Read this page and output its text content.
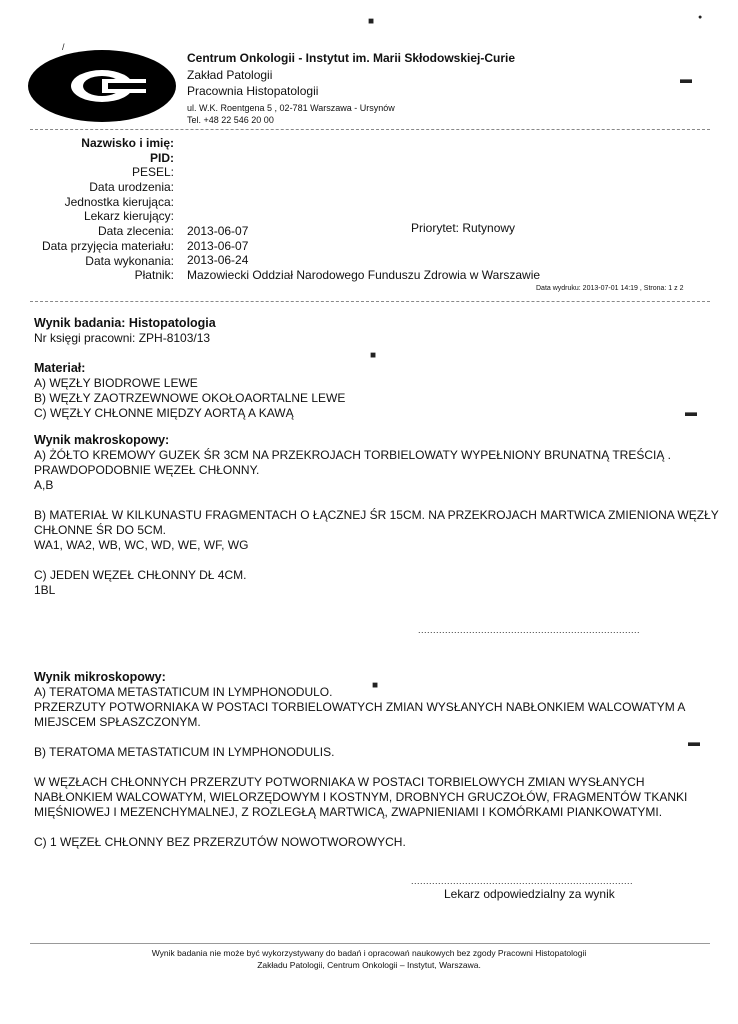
Centrum Onkologii - Instytut im. Marii Skłodowskiej-Curie
Zakład Patologii
Pracownia Histopatologii
ul. W.K. Roentgena 5 , 02-781 Warszawa - Ursynów
Tel. +48 22 546 20 00
Nazwisko i imię:
PID:
PESEL:
Data urodzenia:
Jednostka kierująca:
Lekarz kierujący:
Data zlecenia:
Data przyjęcia materiału:
Data wykonania:
Płatnik:
2013-06-07
2013-06-07
2013-06-24
Mazowiecki Oddział Narodowego Funduszu Zdrowia w Warszawie
Priorytet: Rutynowy
Data wydruku: 2013-07-01 14:19 , Strona: 1 z 2
Wynik badania: Histopatologia
Nr księgi pracowni: ZPH-8103/13
Materiał:
A) WĘZŁY BIODROWE LEWE
B) WĘZŁY ZAOTRZEWNOWE OKOŁOAORTALNE LEWE
C) WĘZŁY CHŁONNE MIĘDZY AORTĄ A KAWĄ
Wynik makroskopowy:
A) ŻÓŁTO KREMOWY GUZEK ŚR 3CM NA PRZEKROJACH TORBIELOWATY WYPEŁNIONY BRUNATNĄ TREŚCIĄ .
PRAWDOPODOBNIE WĘZEŁ CHŁONNY.
A,B
B) MATERIAŁ W KILKUNASTU FRAGMENTACH O ŁĄCZNEJ ŚR 15CM. NA PRZEKROJACH MARTWICA ZMIENIONA WĘZŁY
CHŁONNE ŚR DO 5CM.
WA1, WA2, WB, WC, WD, WE, WF, WG
C) JEDEN WĘZEŁ CHŁONNY DŁ 4CM.
1BL
..........................................................................
Wynik mikroskopowy:
A) TERATOMA METASTATICUM IN LYMPHONODULO.
PRZERZUTY POTWORNIAKA W POSTACI TORBIELOWATYCH ZMIAN WYSŁANYCH NABŁONKIEM WALCOWATYM A
MIEJSCEM SPŁASZCZONYM.
B) TERATOMA METASTATICUM IN LYMPHONODULIS.
W WĘZŁACH CHŁONNYCH PRZERZUTY POTWORNIAKA W POSTACI TORBIELOWYCH ZMIAN WYSŁANYCH
NABŁONKIEM WALCOWATYM, WIELORZĘDOWYM I KOSTNYM, DROBNYCH GRUCZOŁÓW, FRAGMENTÓW TKANKI
MIĘŚNIOWEJ I MEZENCHYMALNEJ, Z ROZLEGŁĄ MARTWICĄ, ZWAPNIENIAMI I KOMÓRKAMI PIANKOWATYMI.
C) 1 WĘZEŁ CHŁONNY BEZ PRZERZUTÓW NOWOTWOROWYCH.
..........................................................................
Lekarz odpowiedzialny za wynik
Wynik badania nie może być wykorzystywany do badań i opracowań naukowych bez zgody Pracowni Histopatologii
Zakładu Patologii, Centrum Onkologii – Instytut, Warszawa.
■
▬
■
▬
■
▬
●
/
